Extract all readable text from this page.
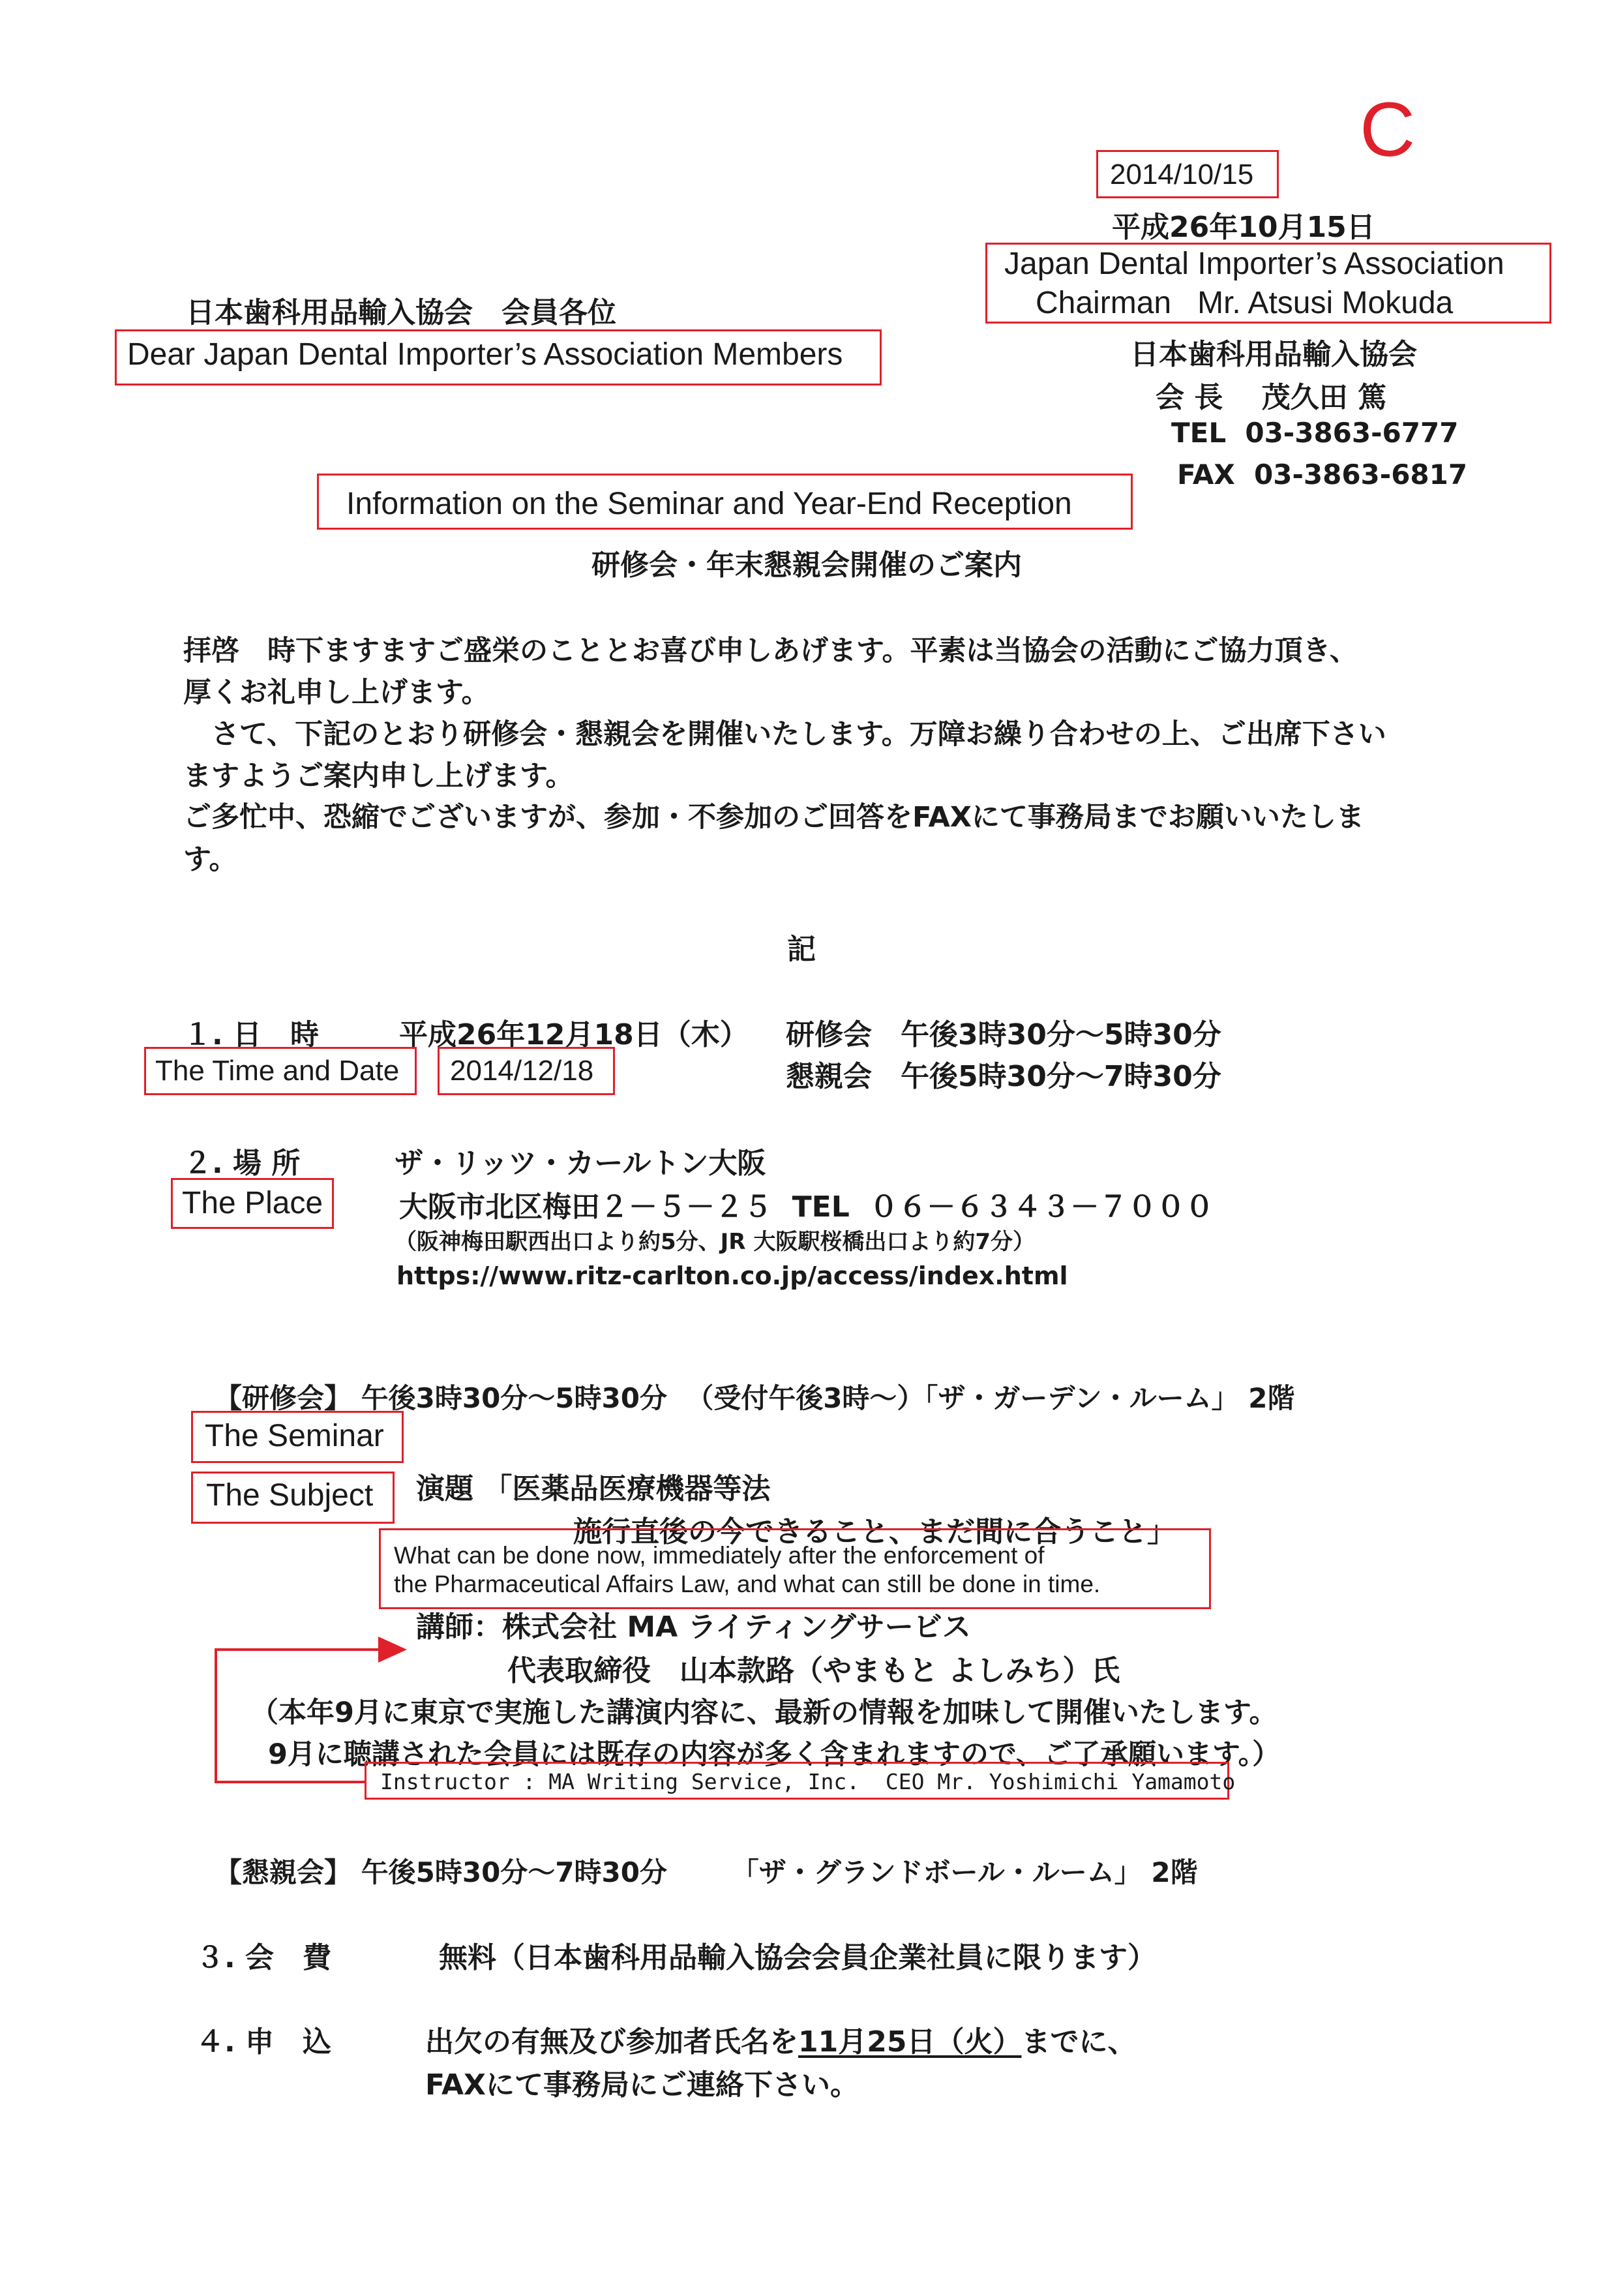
C
2014/10/15
平成26年10月15日
Japan Dental Importer’s Association
Chairman   Mr. Atsusi Mokuda
日本歯科用品輸入協会
会 長　 茂久田 篤
TEL  03-3863-6777
FAX  03-3863-6817
日本歯科用品輸入協会　会員各位
Dear Japan Dental Importer’s Association Members
Information on the Seminar and Year-End Reception
研修会・年末懇親会開催のご案内
拝啓　時下ますますご盛栄のこととお喜び申しあげます。平素は当協会の活動にご協力頂き、
厚くお礼申し上げます。
　さて、下記のとおり研修会・懇親会を開催いたします。万障お繰り合わせの上、ご出席下さい
ますようご案内申し上げます。
ご多忙中、恐縮でございますが、参加・不参加のご回答をFAXにて事務局までお願いいたしま
す。
記
１. 日　時	平成26年12月18日（木） 研修会　午後3時30分～5時30分
懇親会　午後5時30分～7時30分
The Time and Date 2014/12/18
２. 場 所
The Place
ザ・リッツ・カールトン大阪
大阪市北区梅田２－５－２５  TEL  ０６－６３４３－７０００
（阪神梅田駅西出口より約5分、JR 大阪駅桜橋出口より約7分）
https://www.ritz-carlton.co.jp/access/index.html
【研修会】 午後3時30分～5時30分  （受付午後3時～）「ザ・ガーデン・ルーム」 2階
The Seminar
The Subject 演題 「医薬品医療機器等法
施行直後の今できること、まだ間に合うこと」
What can be done now, immediately after the enforcement of
the Pharmaceutical Affairs Law, and what can still be done in time.
講師：株式会社 MA ライティングサービス
代表取締役　山本款路（やまもと よしみち）氏
（本年9月に東京で実施した講演内容に、最新の情報を加味して開催いたします。
9月に聴講された会員には既存の内容が多く含まれますので、ご了承願います。）
Instructor : MA Writing Service, Inc.  CEO Mr. Yoshimichi Yamamoto
【懇親会】 午後5時30分～7時30分　　 「ザ・グランドボール・ルーム」 2階
３. 会　費	無料（日本歯科用品輸入協会会員企業社員に限ります）
４. 申　込	出欠の有無及び参加者氏名を11月25日（火）までに、
FAXにて事務局にご連絡下さい。
